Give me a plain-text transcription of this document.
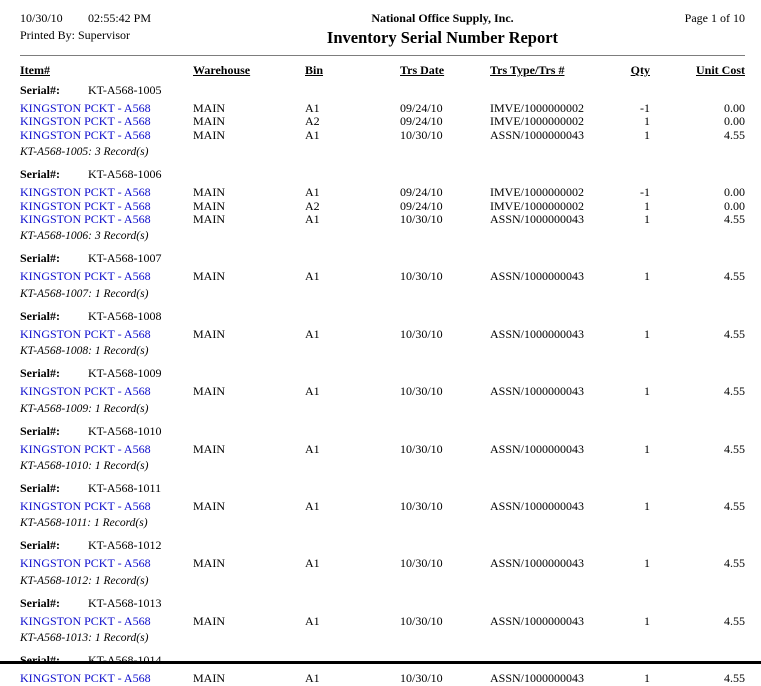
10/30/10 02:55:42 PM
Printed By: Supervisor
National Office Supply, Inc.
Inventory Serial Number Report
Page 1 of 10
Item#	Warehouse	Bin	Trs Date	Trs Type/Trs #	Qty	Unit Cost
Serial#: KT-A568-1005
KINGSTON PCKT - A568	MAIN	A1	09/24/10	IMVE/1000000002	-1	0.00
KINGSTON PCKT - A568	MAIN	A2	09/24/10	IMVE/1000000002	1	0.00
KINGSTON PCKT - A568	MAIN	A1	10/30/10	ASSN/1000000043	1	4.55
KT-A568-1005: 3 Record(s)
Serial#: KT-A568-1006
KINGSTON PCKT - A568	MAIN	A1	09/24/10	IMVE/1000000002	-1	0.00
KINGSTON PCKT - A568	MAIN	A2	09/24/10	IMVE/1000000002	1	0.00
KINGSTON PCKT - A568	MAIN	A1	10/30/10	ASSN/1000000043	1	4.55
KT-A568-1006: 3 Record(s)
Serial#: KT-A568-1007
KINGSTON PCKT - A568	MAIN	A1	10/30/10	ASSN/1000000043	1	4.55
KT-A568-1007: 1 Record(s)
Serial#: KT-A568-1008
KINGSTON PCKT - A568	MAIN	A1	10/30/10	ASSN/1000000043	1	4.55
KT-A568-1008: 1 Record(s)
Serial#: KT-A568-1009
KINGSTON PCKT - A568	MAIN	A1	10/30/10	ASSN/1000000043	1	4.55
KT-A568-1009: 1 Record(s)
Serial#: KT-A568-1010
KINGSTON PCKT - A568	MAIN	A1	10/30/10	ASSN/1000000043	1	4.55
KT-A568-1010: 1 Record(s)
Serial#: KT-A568-1011
KINGSTON PCKT - A568	MAIN	A1	10/30/10	ASSN/1000000043	1	4.55
KT-A568-1011: 1 Record(s)
Serial#: KT-A568-1012
KINGSTON PCKT - A568	MAIN	A1	10/30/10	ASSN/1000000043	1	4.55
KT-A568-1012: 1 Record(s)
Serial#: KT-A568-1013
KINGSTON PCKT - A568	MAIN	A1	10/30/10	ASSN/1000000043	1	4.55
KT-A568-1013: 1 Record(s)
Serial#: KT-A568-1014
KINGSTON PCKT - A568	MAIN	A1	10/30/10	ASSN/1000000043	1	4.55
